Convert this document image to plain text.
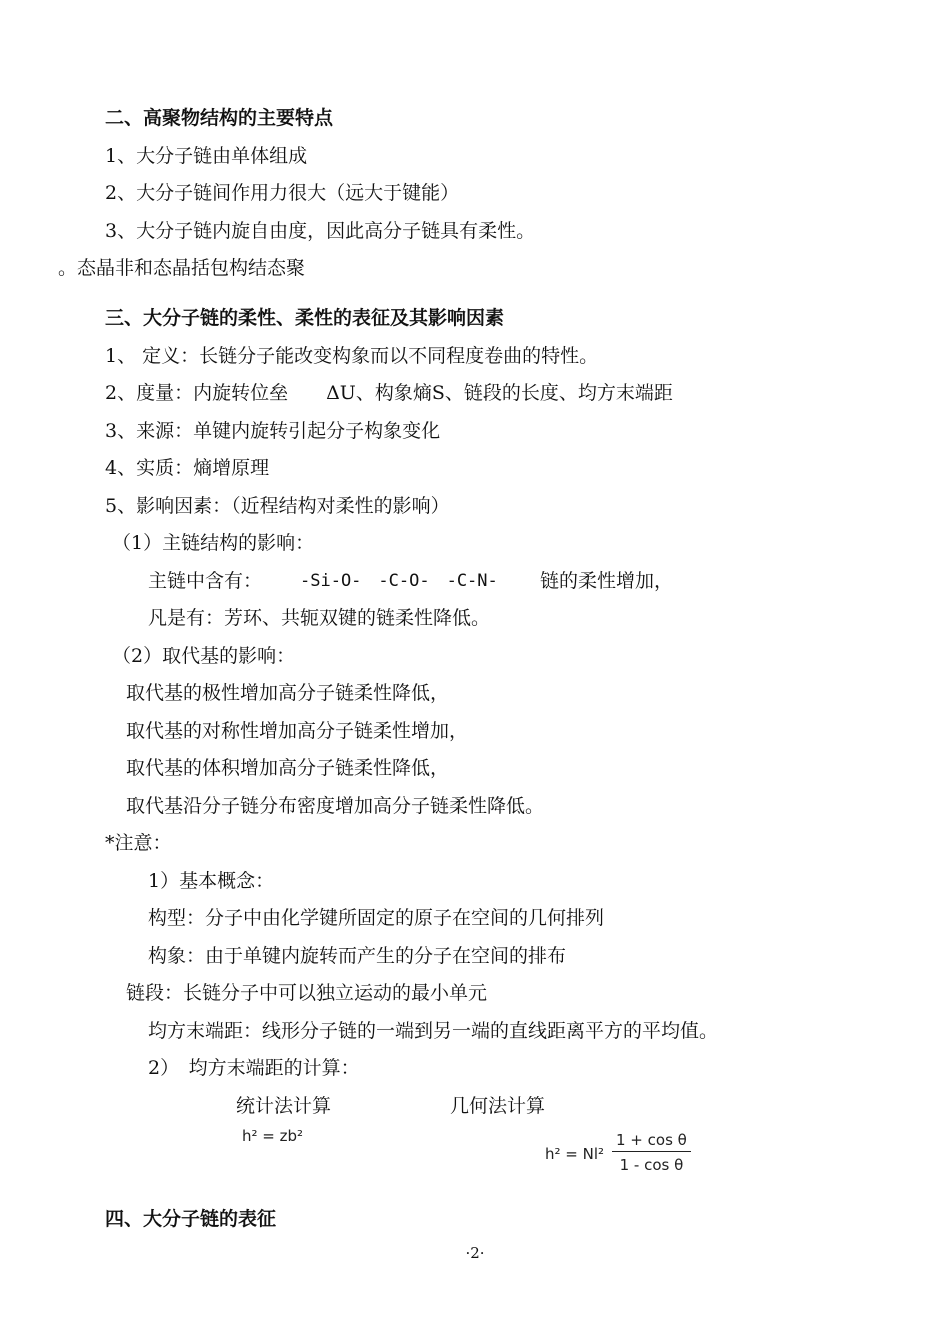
二、高聚物结构的主要特点
1、大分子链由单体组成
2、大分子链间作用力很大（远大于键能）
3、大分子链内旋自由度，因此高分子链具有柔性。
。态晶非和态晶括包构结态聚
三、大分子链的柔性、柔性的表征及其影响因素
1、 定义：长链分子能改变构象而以不同程度卷曲的特性。
2、度量：内旋转位垒　　ΔU、构象熵S、链段的长度、均方末端距
3、来源：单键内旋转引起分子构象变化
4、实质：熵增原理
5、影响因素：（近程结构对柔性的影响）
（1）主链结构的影响：
主链中含有： -Si-O-　-C-O-　-C-N- 链的柔性增加，
凡是有：芳环、共轭双键的链柔性降低。
（2）取代基的影响：
取代基的极性增加高分子链柔性降低，
取代基的对称性增加高分子链柔性增加，
取代基的体积增加高分子链柔性降低，
取代基沿分子链分布密度增加高分子链柔性降低。
*注意：
1）基本概念：
构型：分子中由化学键所固定的原子在空间的几何排列
构象：由于单键内旋转而产生的分子在空间的排布
链段：长链分子中可以独立运动的最小单元
均方末端距：线形分子链的一端到另一端的直线距离平方的平均值。
2）　均方末端距的计算：
统计法计算	几何法计算
h² = zb²
$h^2 = Nl^2 \frac{\text{1 + cos θ}}{\text{1 - cos θ}}$
四、大分子链的表征
·2·
